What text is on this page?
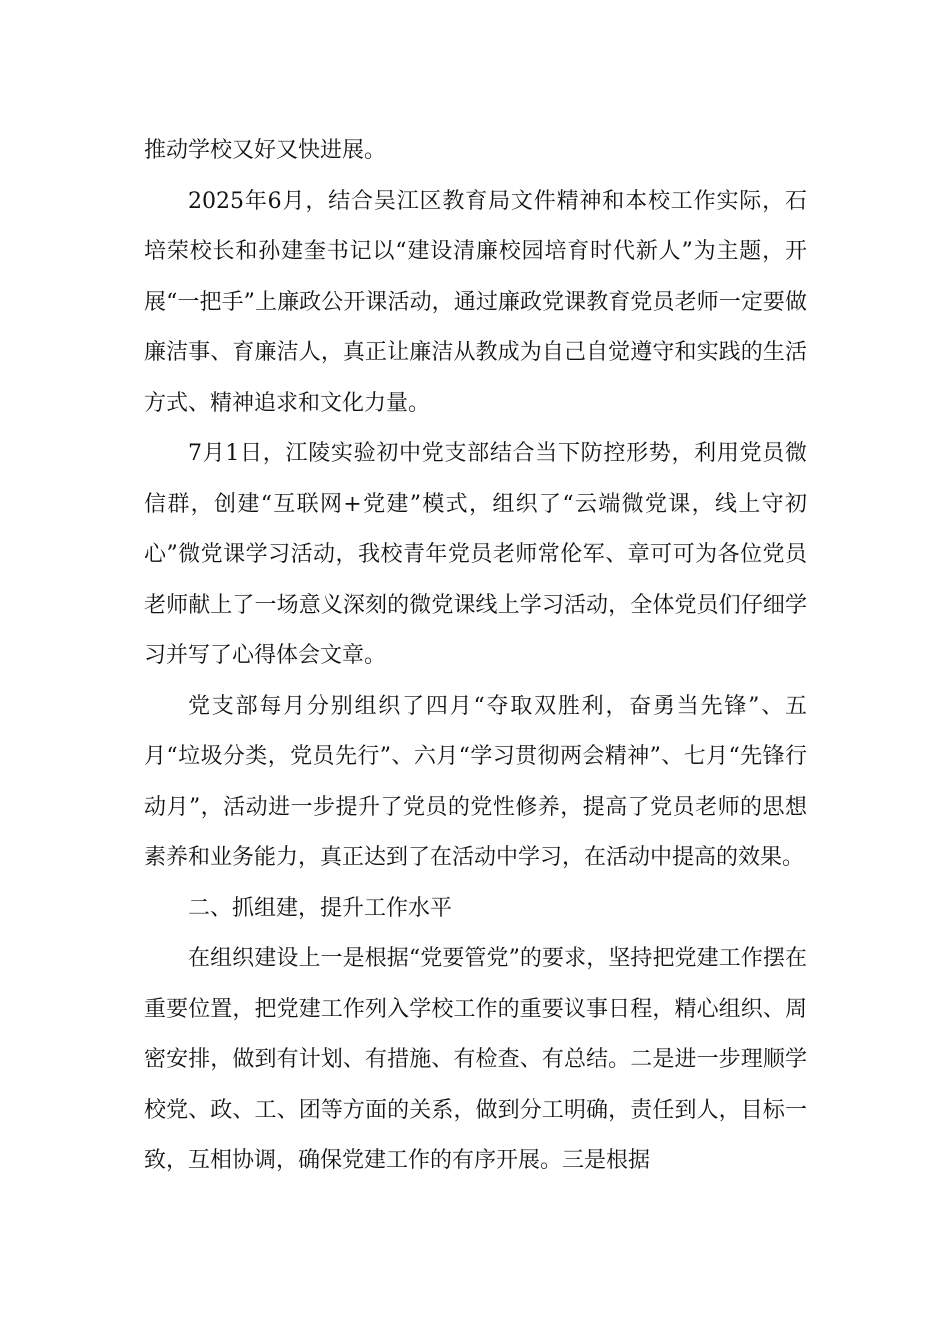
推动学校又好又快进展。

2025年6月，结合吴江区教育局文件精神和本校工作实际，石培荣校长和孙建奎书记以“建设清廉校园培育时代新人”为主题，开展“一把手”上廉政公开课活动，通过廉政党课教育党员老师一定要做廉洁事、育廉洁人，真正让廉洁从教成为自己自觉遵守和实践的生活方式、精神追求和文化力量。

7月1日，江陵实验初中党支部结合当下防控形势，利用党员微信群，创建“互联网+党建”模式，组织了“云端微党课，线上守初心”微党课学习活动，我校青年党员老师常伦军、章可可为各位党员老师献上了一场意义深刻的微党课线上学习活动，全体党员们仔细学习并写了心得体会文章。

党支部每月分别组织了四月“夺取双胜利，奋勇当先锋”、五月“垃圾分类，党员先行”、六月“学习贯彻两会精神”、七月“先锋行动月”，活动进一步提升了党员的党性修养，提高了党员老师的思想素养和业务能力，真正达到了在活动中学习，在活动中提高的效果。

二、抓组建，提升工作水平

在组织建设上一是根据“党要管党”的要求，坚持把党建工作摆在重要位置，把党建工作列入学校工作的重要议事日程，精心组织、周密安排，做到有计划、有措施、有检查、有总结。二是进一步理顺学校党、政、工、团等方面的关系，做到分工明确，责任到人，目标一致，互相协调，确保党建工作的有序开展。三是根据
